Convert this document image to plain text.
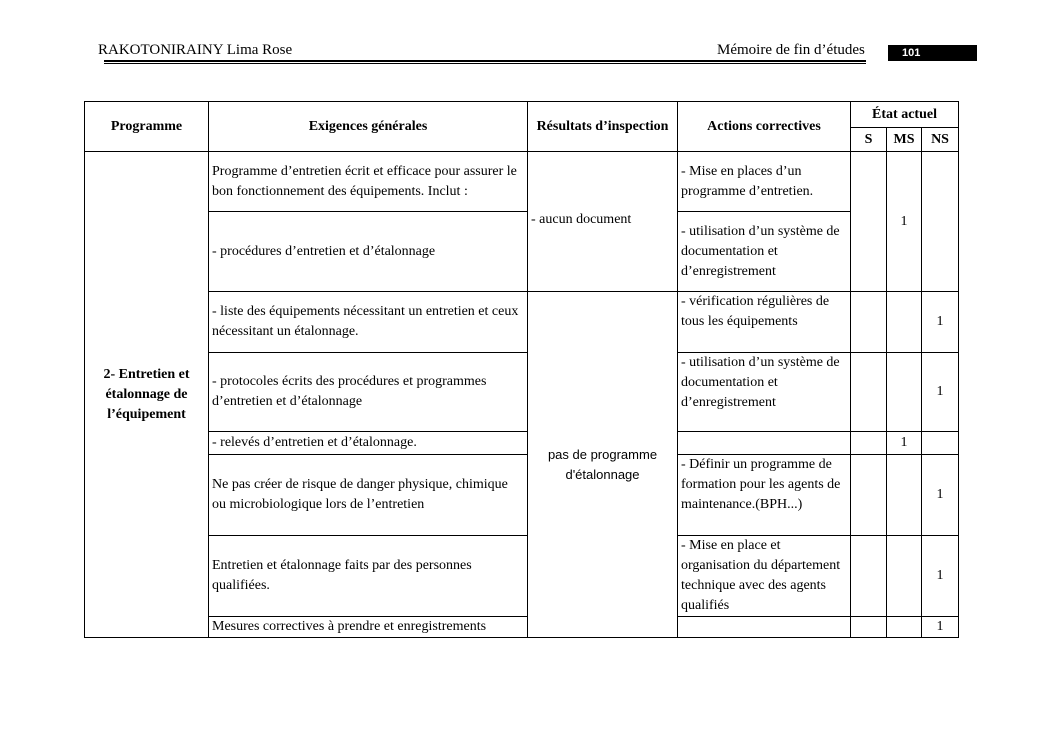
RAKOTONIRAINY Lima Rose	Mémoire de fin d’études	101
Programme	Exigences générales	Résultats d’inspection	Actions correctives	État actuel		
				S	MS	NS
2- Entretien et étalonnage de l’équipement	Programme d’entretien écrit et efficace pour assurer le bon fonctionnement des équipements. Inclut :	- aucun document	- Mise en places d’un programme d’entretien.		1	
	- procédures d’entretien et d’étalonnage		- utilisation d’un système de documentation et d’enregistrement			
	- liste des équipements nécessitant un entretien et ceux nécessitant un étalonnage.	pas de programme d'étalonnage	- vérification régulières de tous les équipements			1
	- protocoles écrits des procédures et programmes d’entretien et d’étalonnage		- utilisation d’un système de documentation et d’enregistrement			1
	- relevés d’entretien et d’étalonnage.				1	
	Ne pas créer de risque de danger physique, chimique ou microbiologique lors de l’entretien		- Définir un programme de formation pour les agents de maintenance.(BPH...)			1
	Entretien et étalonnage faits par des personnes qualifiées.		- Mise en place et organisation du département technique avec des agents qualifiés			1
	Mesures correctives à prendre et enregistrements					1
